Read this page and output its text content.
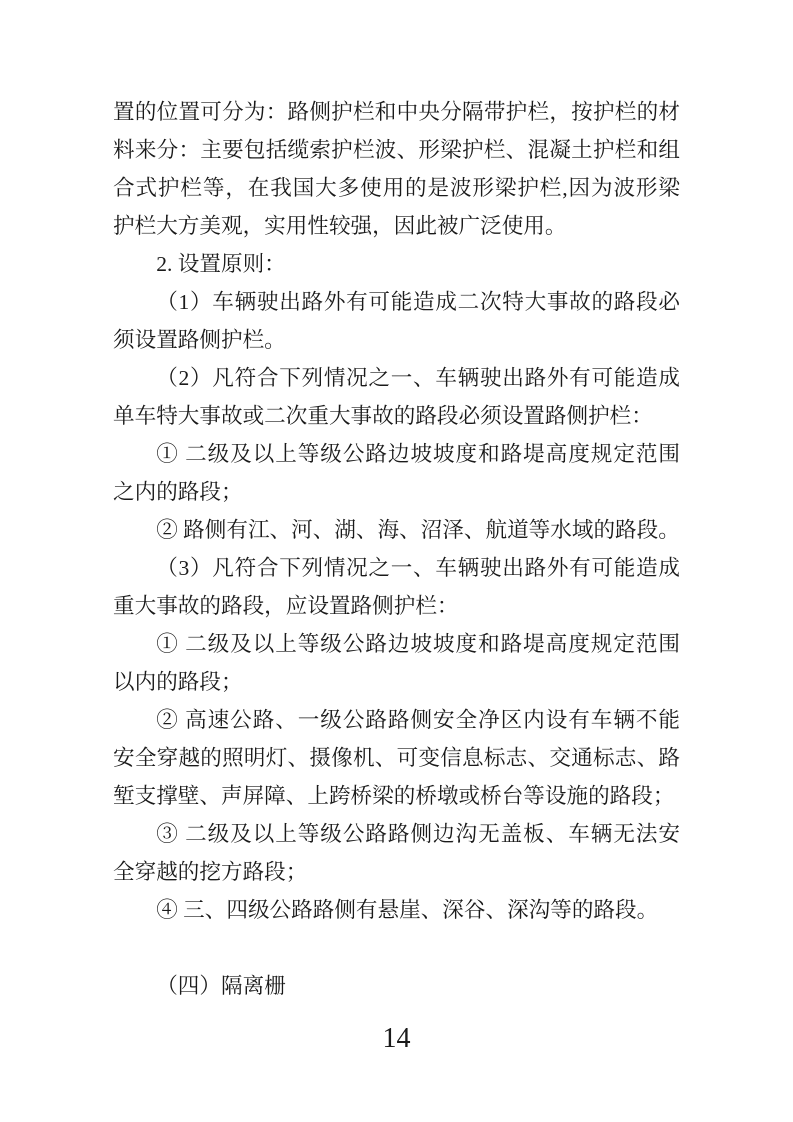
置的位置可分为：路侧护栏和中央分隔带护栏，按护栏的材
料来分：主要包括缆索护栏波、形梁护栏、混凝土护栏和组
合式护栏等，在我国大多使用的是波形梁护栏,因为波形梁
护栏大方美观，实用性较强，因此被广泛使用。
2. 设置原则：
（1）车辆驶出路外有可能造成二次特大事故的路段必
须设置路侧护栏。
（2）凡符合下列情况之一、车辆驶出路外有可能造成
单车特大事故或二次重大事故的路段必须设置路侧护栏：
① 二级及以上等级公路边坡坡度和路堤高度规定范围
之内的路段；
② 路侧有江、河、湖、海、沼泽、航道等水域的路段。
（3）凡符合下列情况之一、车辆驶出路外有可能造成
重大事故的路段，应设置路侧护栏：
① 二级及以上等级公路边坡坡度和路堤高度规定范围
以内的路段；
② 高速公路、一级公路路侧安全净区内设有车辆不能
安全穿越的照明灯、摄像机、可变信息标志、交通标志、路
堑支撑壁、声屏障、上跨桥梁的桥墩或桥台等设施的路段；
③ 二级及以上等级公路路侧边沟无盖板、车辆无法安
全穿越的挖方路段；
④ 三、四级公路路侧有悬崖、深谷、深沟等的路段。
（四）隔离栅
14
